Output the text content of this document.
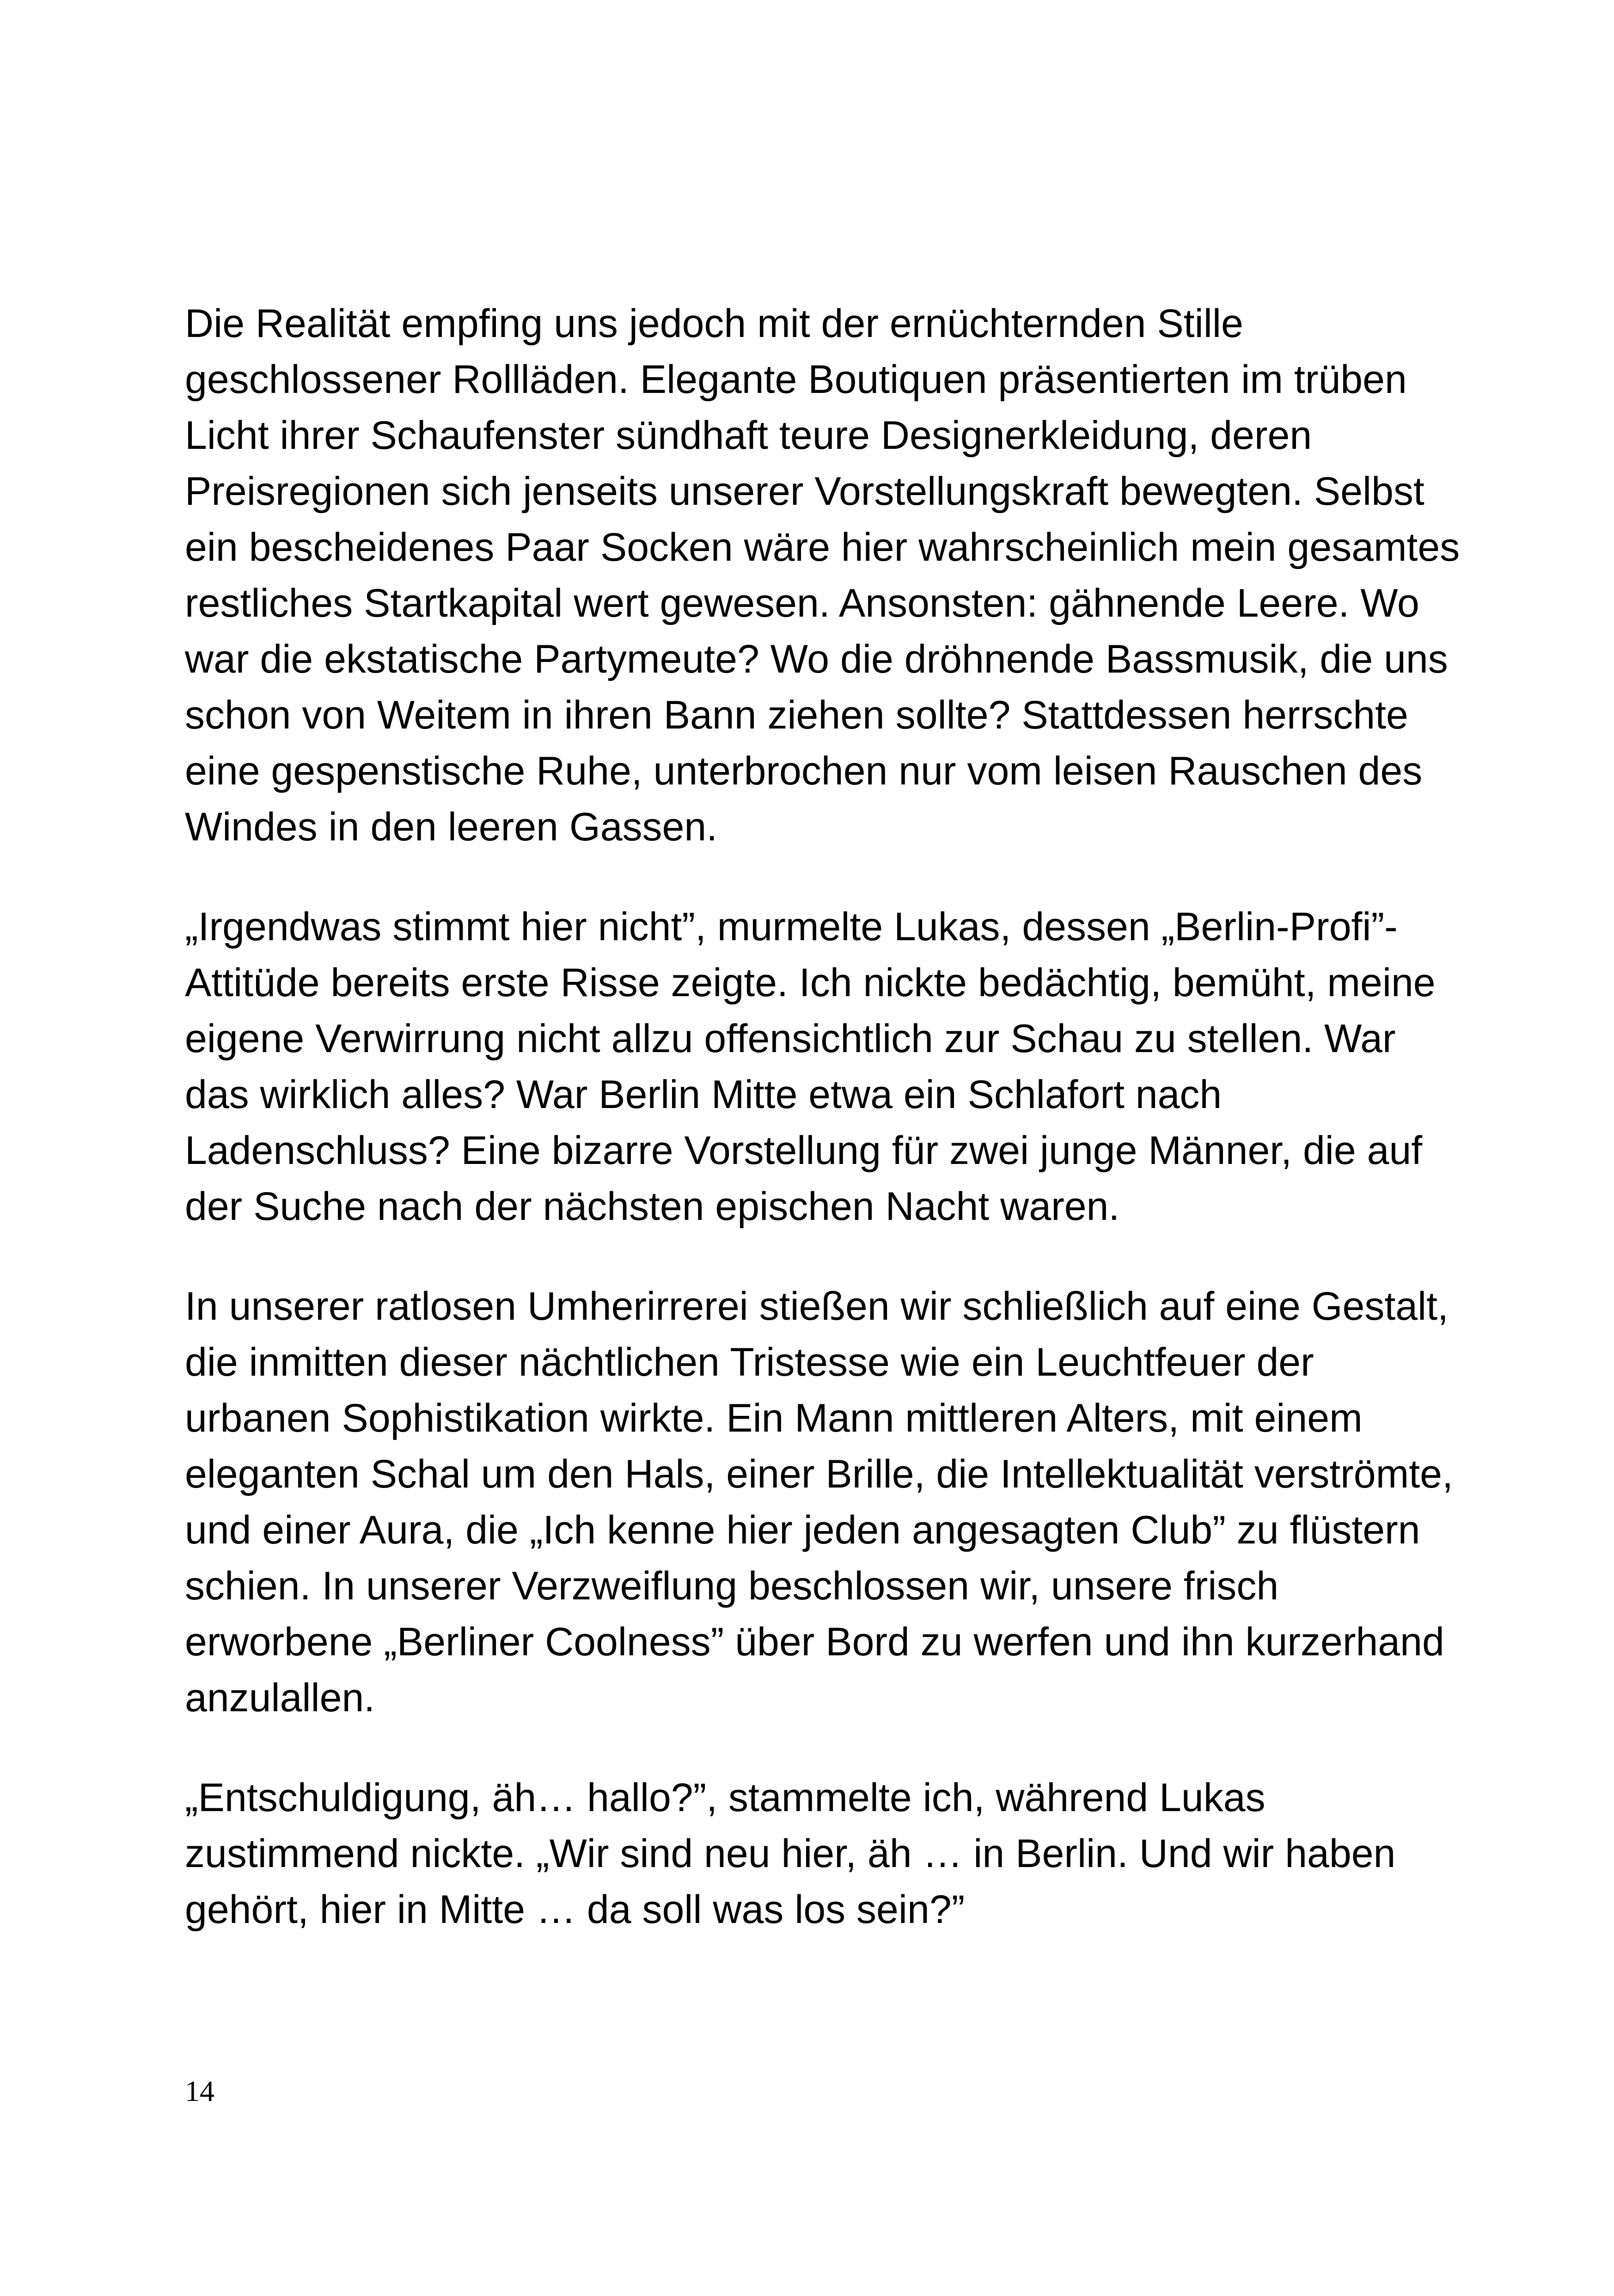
Die Realität empfing uns jedoch mit der ernüchternden Stille geschlossener Rollläden. Elegante Boutiquen präsentierten im trüben Licht ihrer Schaufenster sündhaft teure Designerkleidung, deren Preisregionen sich jenseits unserer Vorstellungskraft bewegten. Selbst ein bescheidenes Paar Socken wäre hier wahrscheinlich mein gesamtes restliches Startkapital wert gewesen. Ansonsten: gähnende Leere. Wo war die ekstatische Partymeute? Wo die dröhnende Bassmusik, die uns schon von Weitem in ihren Bann ziehen sollte? Stattdessen herrschte eine gespenstische Ruhe, unterbrochen nur vom leisen Rauschen des Windes in den leeren Gassen.

„Irgendwas stimmt hier nicht”, murmelte Lukas, dessen „Berlin-Profi”-Attitüde bereits erste Risse zeigte. Ich nickte bedächtig, bemüht, meine eigene Verwirrung nicht allzu offensichtlich zur Schau zu stellen. War das wirklich alles? War Berlin Mitte etwa ein Schlafort nach Ladenschluss? Eine bizarre Vorstellung für zwei junge Männer, die auf der Suche nach der nächsten epischen Nacht waren.

In unserer ratlosen Umherirrerei stießen wir schließlich auf eine Gestalt, die inmitten dieser nächtlichen Tristesse wie ein Leuchtfeuer der urbanen Sophistikation wirkte. Ein Mann mittleren Alters, mit einem eleganten Schal um den Hals, einer Brille, die Intellektualität verströmte, und einer Aura, die „Ich kenne hier jeden angesagten Club” zu flüstern schien. In unserer Verzweiflung beschlossen wir, unsere frisch erworbene „Berliner Coolness” über Bord zu werfen und ihn kurzerhand anzulallen.

„Entschuldigung, äh… hallo?”, stammelte ich, während Lukas zustimmend nickte. „Wir sind neu hier, äh … in Berlin. Und wir haben gehört, hier in Mitte … da soll was los sein?”

14
